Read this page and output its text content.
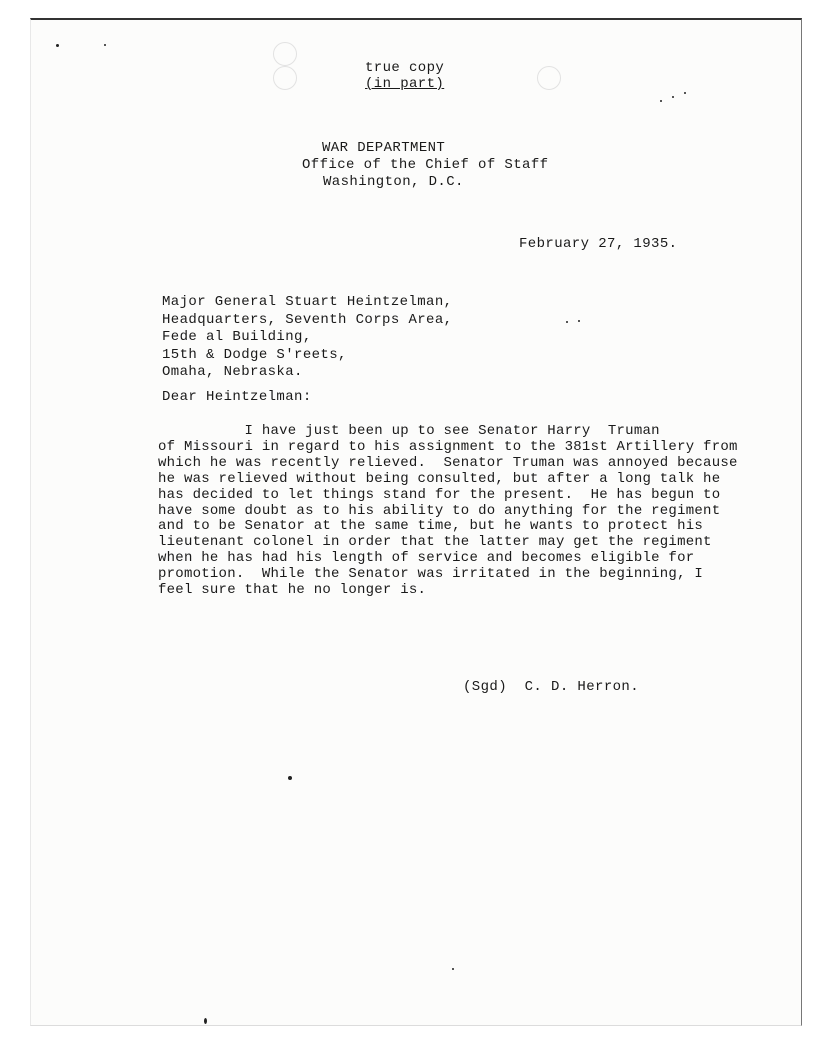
true copy
(in part)
WAR DEPARTMENT
Office of the Chief of Staff
Washington, D.C.
February 27, 1935.
Major General Stuart Heintzelman,
Headquarters, Seventh Corps Area,
Fede al Building,
15th & Dodge S'reets,
Omaha, Nebraska.
Dear Heintzelman:
I have just been up to see Senator Harry  Truman
of Missouri in regard to his assignment to the 381st Artillery from
which he was recently relieved.  Senator Truman was annoyed because
he was relieved without being consulted, but after a long talk he
has decided to let things stand for the present.  He has begun to
have some doubt as to his ability to do anything for the regiment
and to be Senator at the same time, but he wants to protect his
lieutenant colonel in order that the latter may get the regiment
when he has had his length of service and becomes eligible for
promotion.  While the Senator was irritated in the beginning, I
feel sure that he no longer is.
(Sgd)  C. D. Herron.
